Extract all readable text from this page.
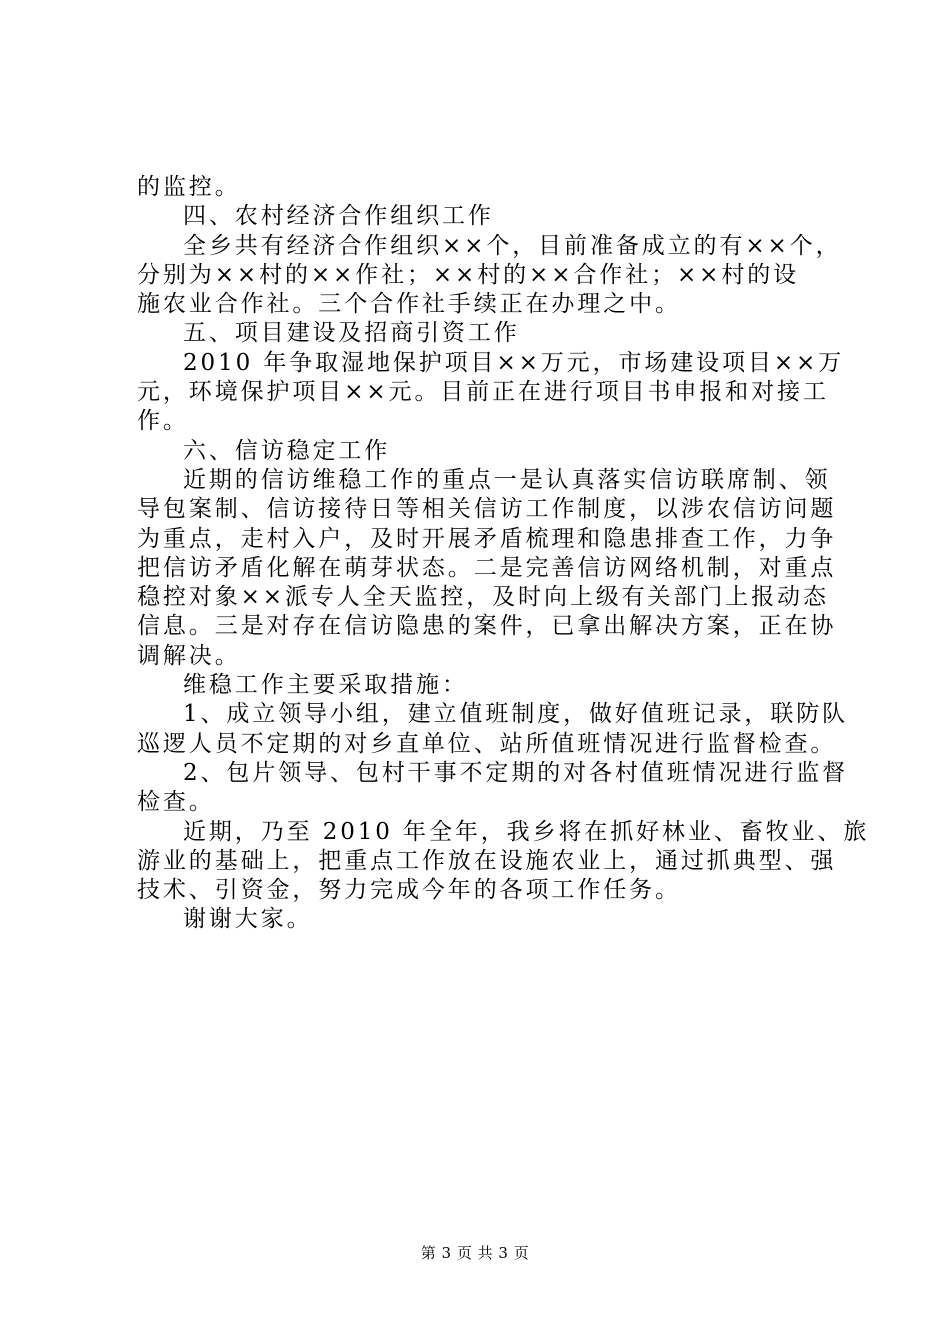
的监控。
四、农村经济合作组织工作
全乡共有经济合作组织××个，目前准备成立的有××个，
分别为××村的××作社；××村的××合作社；××村的设
施农业合作社。三个合作社手续正在办理之中。
五、项目建设及招商引资工作
2010 年争取湿地保护项目××万元，市场建设项目××万
元，环境保护项目××元。目前正在进行项目书申报和对接工
作。
六、信访稳定工作
近期的信访维稳工作的重点一是认真落实信访联席制、领
导包案制、信访接待日等相关信访工作制度，以涉农信访问题
为重点，走村入户，及时开展矛盾梳理和隐患排查工作，力争
把信访矛盾化解在萌芽状态。二是完善信访网络机制，对重点
稳控对象××派专人全天监控，及时向上级有关部门上报动态
信息。三是对存在信访隐患的案件，已拿出解决方案，正在协
调解决。
维稳工作主要采取措施：
1、成立领导小组，建立值班制度，做好值班记录，联防队
巡逻人员不定期的对乡直单位、站所值班情况进行监督检查。
2、包片领导、包村干事不定期的对各村值班情况进行监督
检查。
近期，乃至 2010 年全年，我乡将在抓好林业、畜牧业、旅
游业的基础上，把重点工作放在设施农业上，通过抓典型、强
技术、引资金，努力完成今年的各项工作任务。
谢谢大家。
第 3 页 共 3 页
